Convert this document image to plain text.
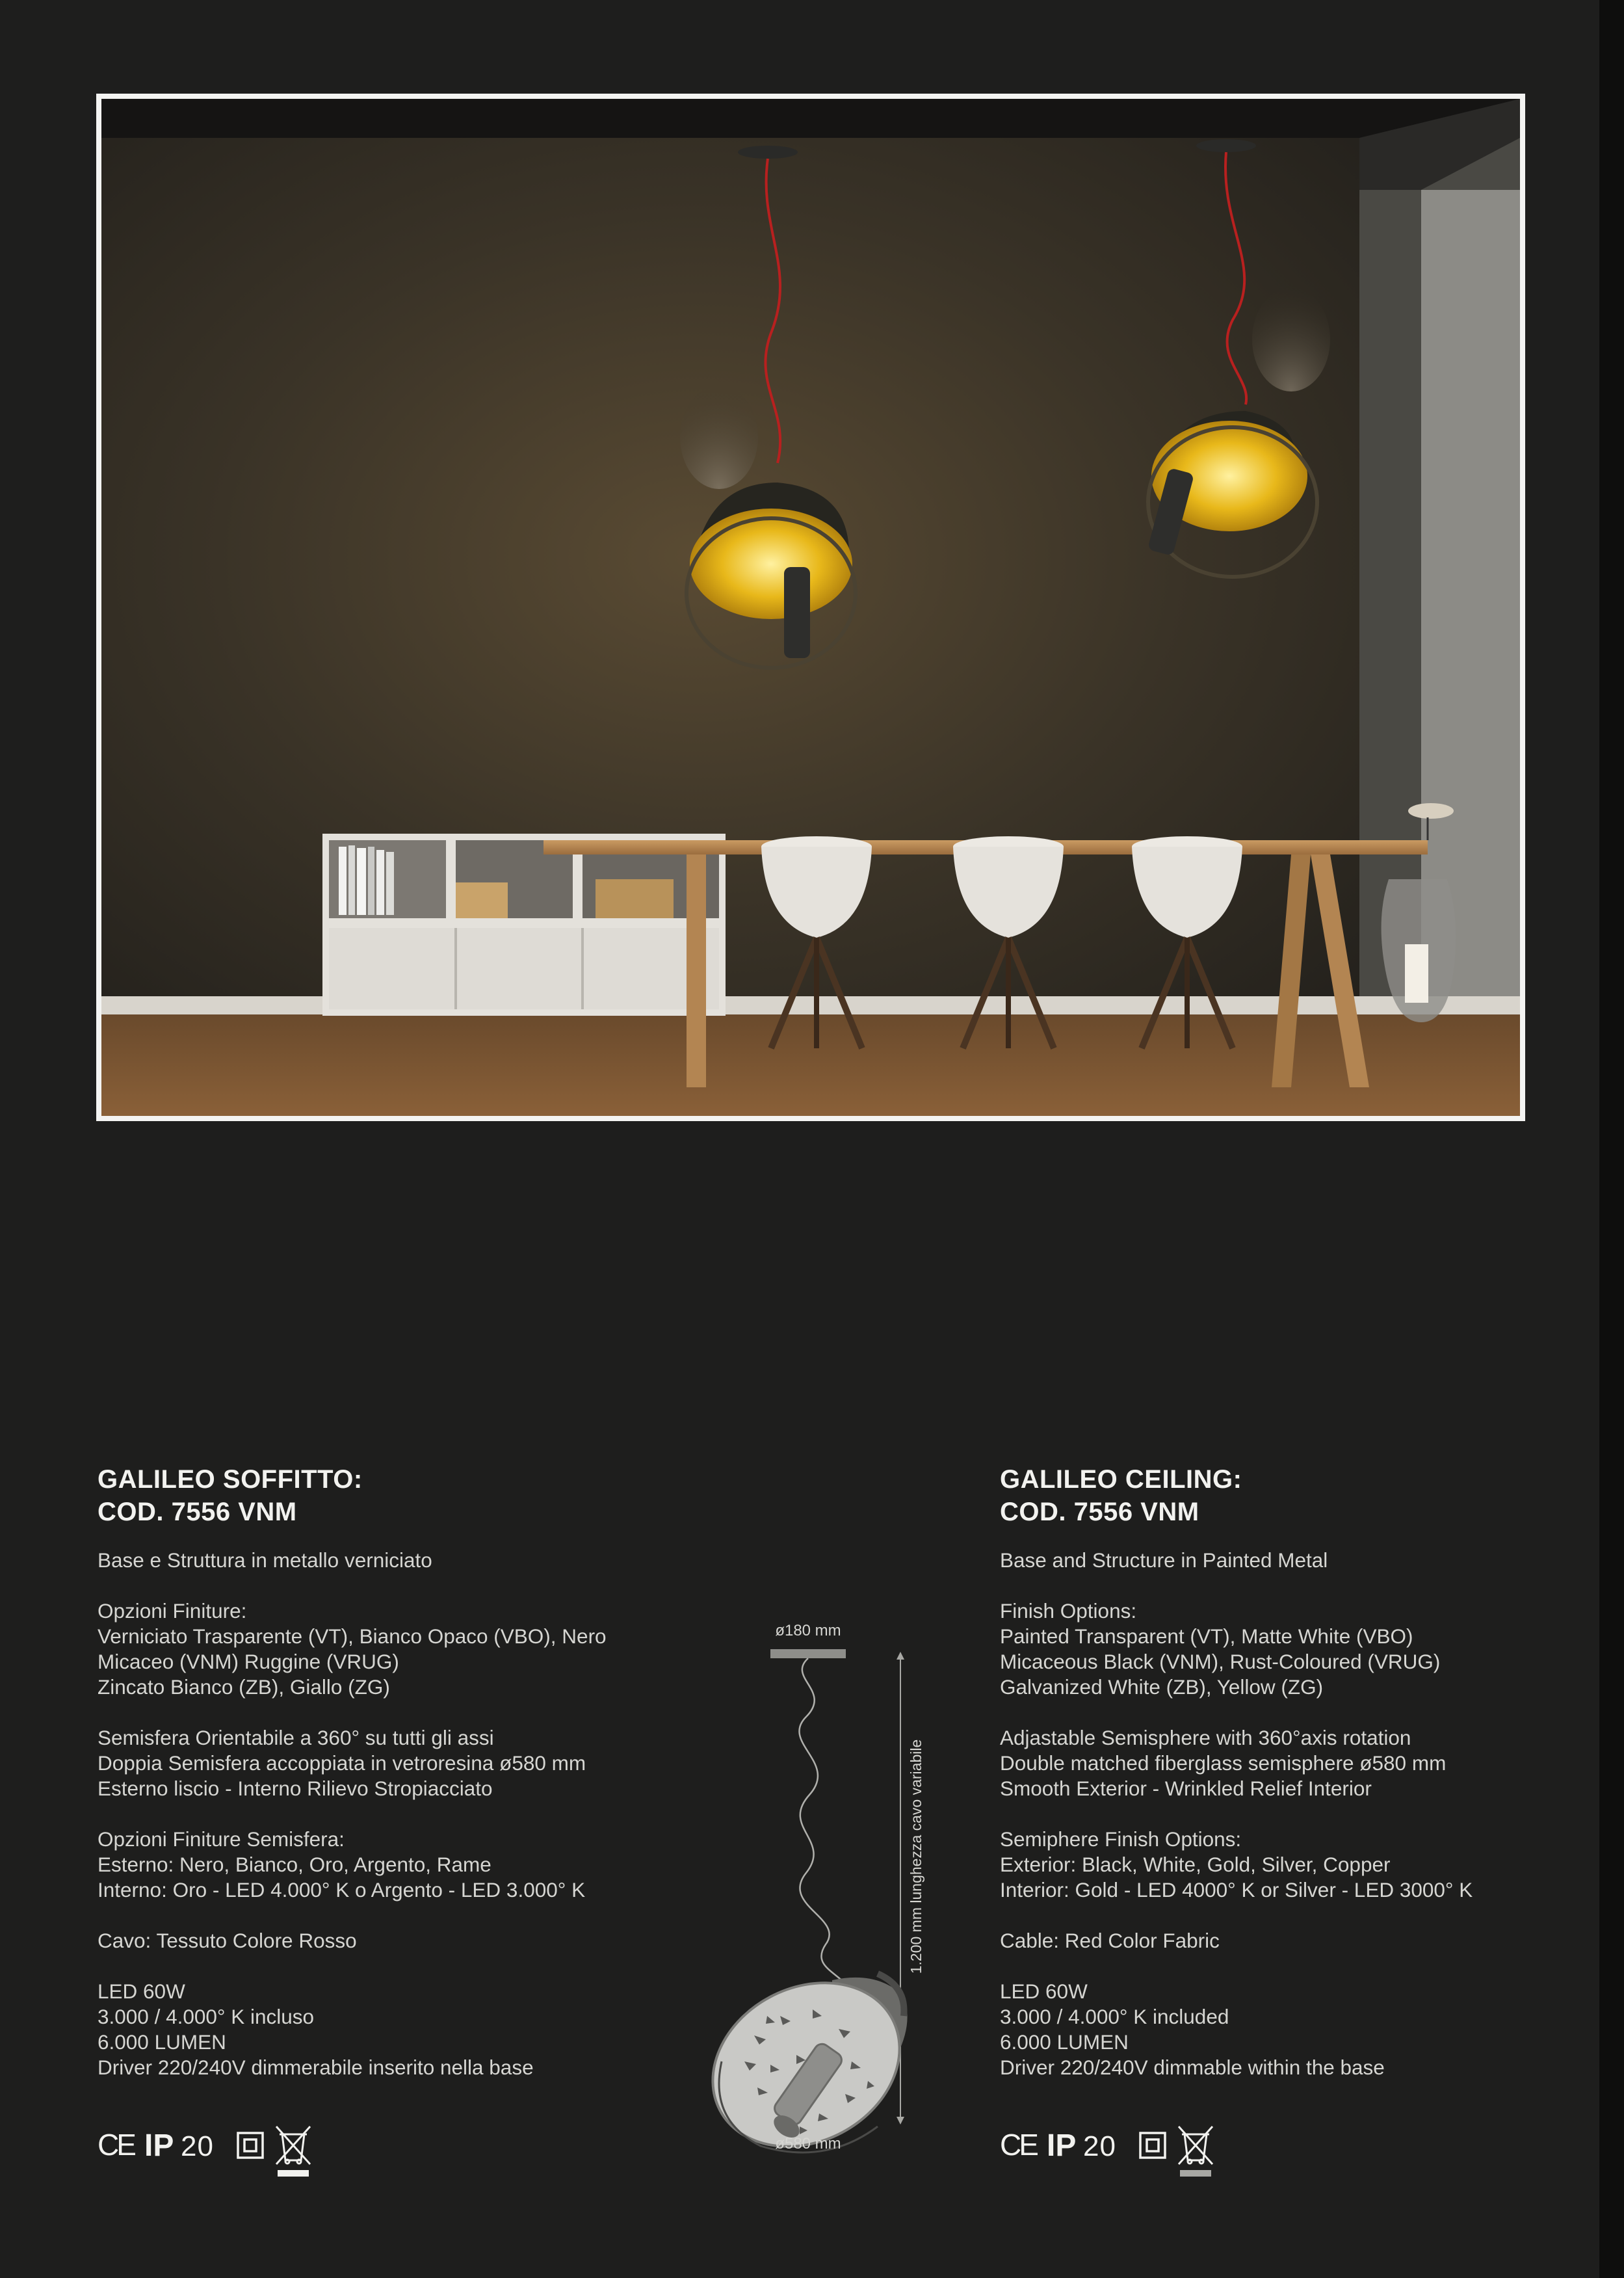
GALILEO SOFFITTO:
COD. 7556 VNM

Base e Struttura in metallo verniciato

Opzioni Finiture:
Verniciato Trasparente (VT), Bianco Opaco (VBO), Nero
Micaceo (VNM) Ruggine (VRUG)
Zincato Bianco (ZB), Giallo (ZG)

Semisfera Orientabile a 360° su tutti gli assi
Doppia Semisfera accoppiata in vetroresina ø580 mm
Esterno liscio - Interno Rilievo Stropiacciato

Opzioni Finiture Semisfera:
Esterno: Nero, Bianco, Oro, Argento, Rame
Interno: Oro - LED 4.000° K o Argento - LED 3.000° K

Cavo: Tessuto Colore Rosso

LED 60W
3.000 / 4.000° K incluso
6.000 LUMEN
Driver 220/240V dimmerabile inserito nella base

GALILEO CEILING:
COD. 7556 VNM

Base and Structure in Painted Metal

Finish Options:
Painted Transparent (VT), Matte White (VBO)
Micaceous Black (VNM), Rust-Coloured (VRUG)
Galvanized White (ZB), Yellow (ZG)

Adjastable Semisphere with 360°axis rotation
Double matched fiberglass semisphere ø580 mm
Smooth Exterior - Wrinkled Relief Interior

Semiphere Finish Options:
Exterior: Black, White, Gold, Silver, Copper
Interior: Gold - LED 4000° K or Silver - LED 3000° K

Cable: Red Color Fabric

LED 60W
3.000 / 4.000° K included
6.000 LUMEN
Driver 220/240V dimmable within the base

ø180 mm
1.200 mm lunghezza cavo variabile
ø580 mm
CE IP 20	CE IP 20
